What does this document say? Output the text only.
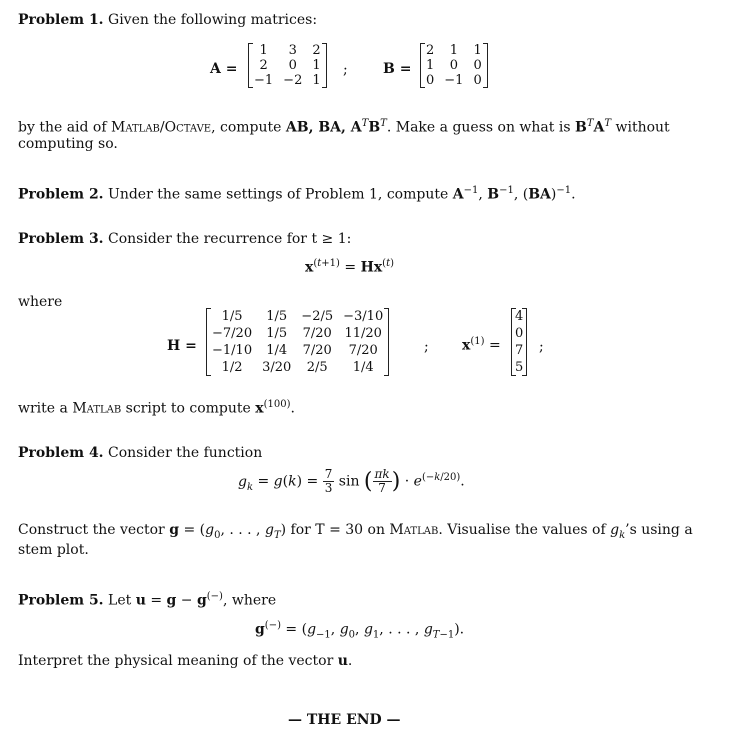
Problem 1. Given the following matrices:
A =
1	3	2
2	0	1
−1	−2	1
;	B =
2	1	1
1	0	0
0	−1	0
by the aid of Matlab/Octave, compute AB, BA, $A^TB^T$. Make a guess on what is $B^TA^T$ without
computing so.
Problem 2. Under the same settings of Problem 1, compute $A^{-1}$, $B^{-1}$, (BA)$^{-1}$.
Problem 3. Consider the recurrence for t ≥ 1:
$x^{(t+1)} = Hx^{(t)}$
where
H =
1/5	1/5	−2/5	−3/10
−7/20	1/5	7/20	11/20
−1/10	1/4	7/20	7/20
1/2	3/20	2/5	1/4
; $x^{(1)}$ =
4
0
7
5
;
write a Matlab script to compute $x^{(100)}$.
Problem 4. Consider the function
$g_k = g(k) = \frac{7}{3}$ sin ( $\frac{\pi k}{7}$ ) · $e^{(-k/20)}$.
Construct the vector $g = (g_0$, . . . , $g_T$) for T = 30 on Matlab. Visualise the values of $g_k’s$ using a
stem plot.
Problem 5. Let u = g − g(−), where
$g^{(-)} = (g_{-1}$, $g_0$, $g_1$, . . . , $g_{T-1}$).
Interpret the physical meaning of the vector u.
— THE END —
